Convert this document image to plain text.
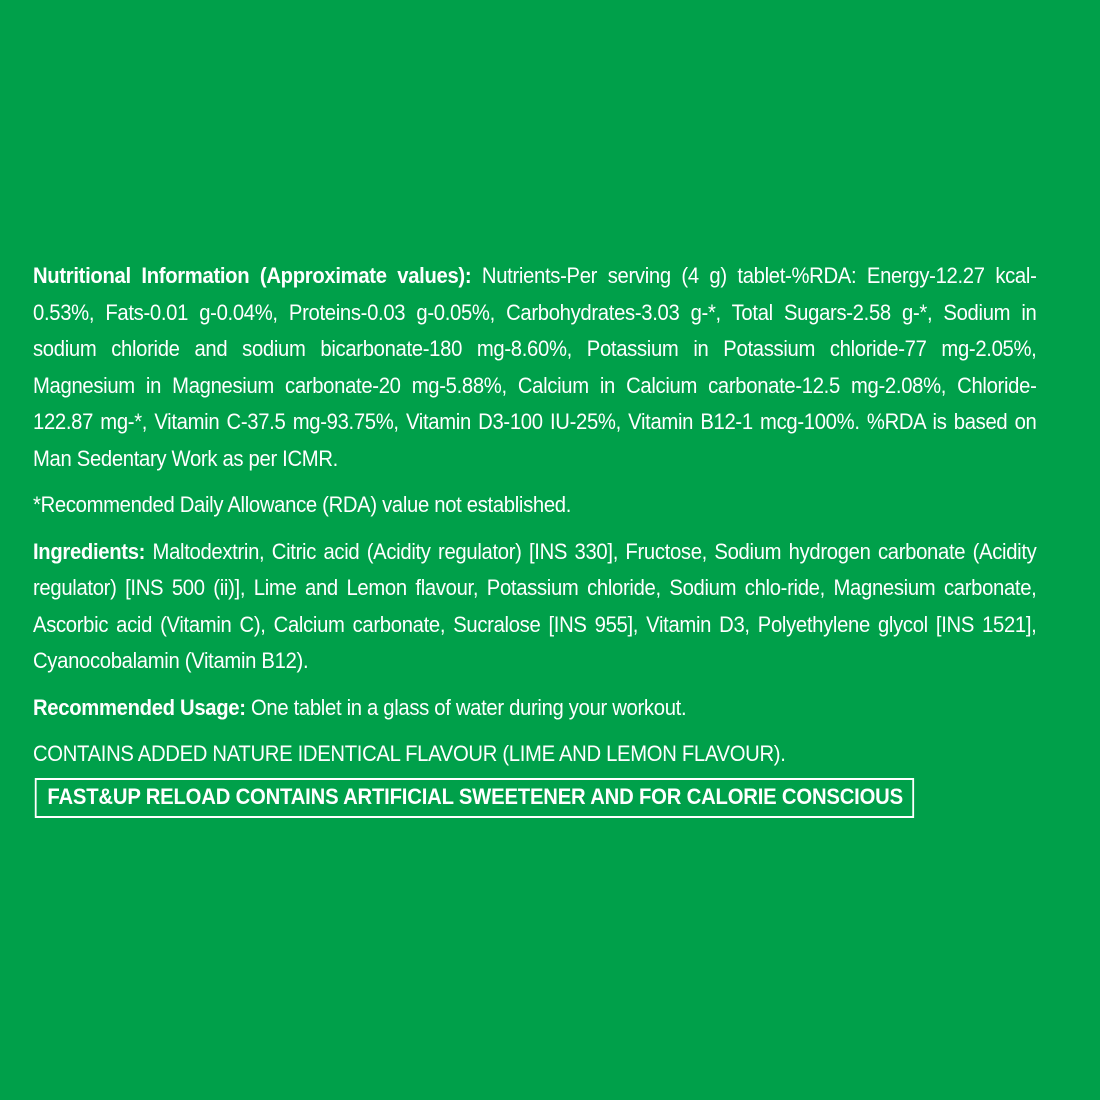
Nutritional Information (Approximate values): Nutrients-Per serving (4 g) tablet-%RDA: Energy-12.27 kcal-0.53%, Fats-0.01 g-0.04%, Proteins-0.03 g-0.05%, Carbohydrates-3.03 g-*, Total Sugars-2.58 g-*, Sodium in sodium chloride and sodium bicarbonate-180 mg-8.60%, Potassium in Potassium chloride-77 mg-2.05%, Magnesium in Magnesium carbonate-20 mg-5.88%, Calcium in Calcium carbonate-12.5 mg-2.08%, Chloride-122.87 mg-*, Vitamin C-37.5 mg-93.75%, Vitamin D3-100 IU-25%, Vitamin B12-1 mcg-100%. %RDA is based on Man Sedentary Work as per ICMR.

*Recommended Daily Allowance (RDA) value not established.

Ingredients: Maltodextrin, Citric acid (Acidity regulator) [INS 330], Fructose, Sodium hydrogen carbonate (Acidity regulator) [INS 500 (ii)], Lime and Lemon flavour, Potassium chloride, Sodium chlo-ride, Magnesium carbonate, Ascorbic acid (Vitamin C), Calcium carbonate, Sucralose [INS 955], Vitamin D3, Polyethylene glycol [INS 1521], Cyanocobalamin (Vitamin B12).

Recommended Usage: One tablet in a glass of water during your workout.

CONTAINS ADDED NATURE IDENTICAL FLAVOUR (LIME AND LEMON FLAVOUR).

FAST&UP RELOAD CONTAINS ARTIFICIAL SWEETENER AND FOR CALORIE CONSCIOUS
